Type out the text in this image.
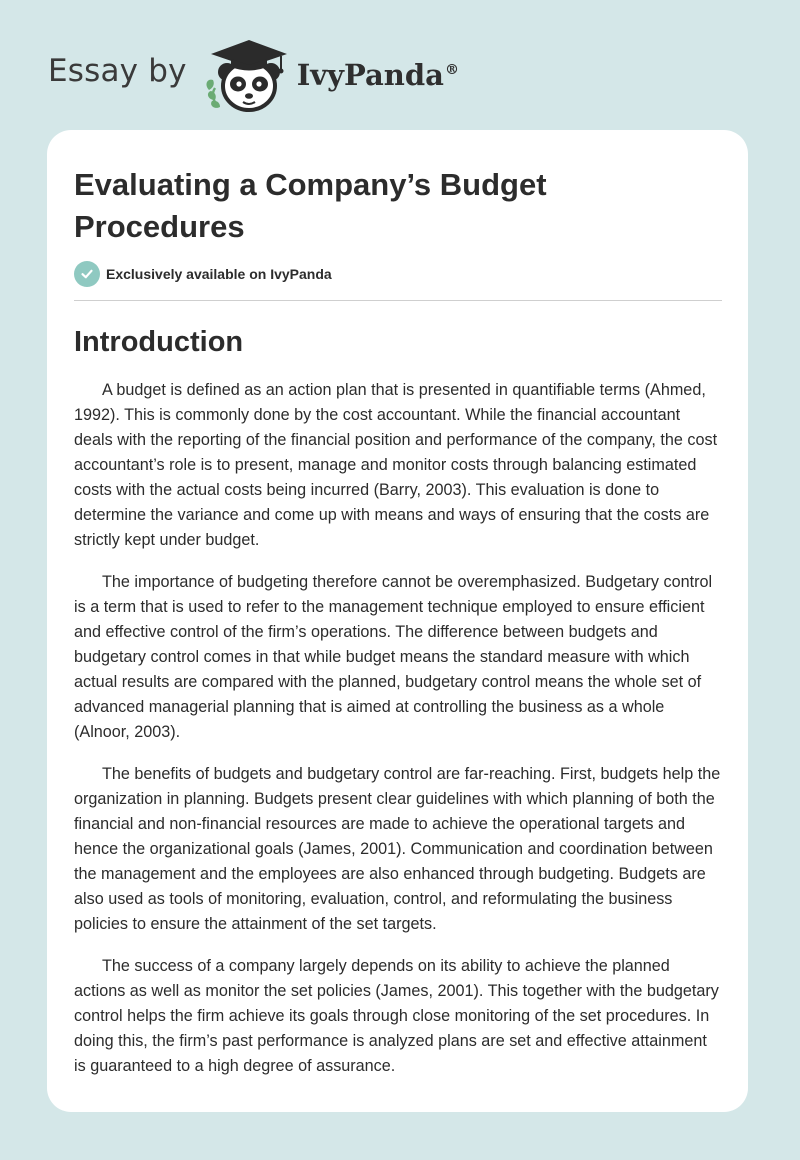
Essay by	IvyPanda®
Evaluating a Company’s Budget Procedures
Exclusively available on IvyPanda
Introduction

A budget is defined as an action plan that is presented in quantifiable terms (Ahmed, 1992). This is commonly done by the cost accountant. While the financial accountant deals with the reporting of the financial position and performance of the company, the cost accountant’s role is to present, manage and monitor costs through balancing estimated costs with the actual costs being incurred (Barry, 2003). This evaluation is done to determine the variance and come up with means and ways of ensuring that the costs are strictly kept under budget.

The importance of budgeting therefore cannot be overemphasized. Budgetary control is a term that is used to refer to the management technique employed to ensure efficient and effective control of the firm’s operations. The difference between budgets and budgetary control comes in that while budget means the standard measure with which actual results are compared with the planned, budgetary control means the whole set of advanced managerial planning that is aimed at controlling the business as a whole (Alnoor, 2003).

The benefits of budgets and budgetary control are far-reaching. First, budgets help the organization in planning. Budgets present clear guidelines with which planning of both the financial and non-financial resources are made to achieve the operational targets and hence the organizational goals (James, 2001). Communication and coordination between the management and the employees are also enhanced through budgeting. Budgets are also used as tools of monitoring, evaluation, control, and reformulating the business policies to ensure the attainment of the set targets.

The success of a company largely depends on its ability to achieve the planned actions as well as monitor the set policies (James, 2001). This together with the budgetary control helps the firm achieve its goals through close monitoring of the set procedures. In doing this, the firm’s past performance is analyzed plans are set and effective attainment is guaranteed to a high degree of assurance.
